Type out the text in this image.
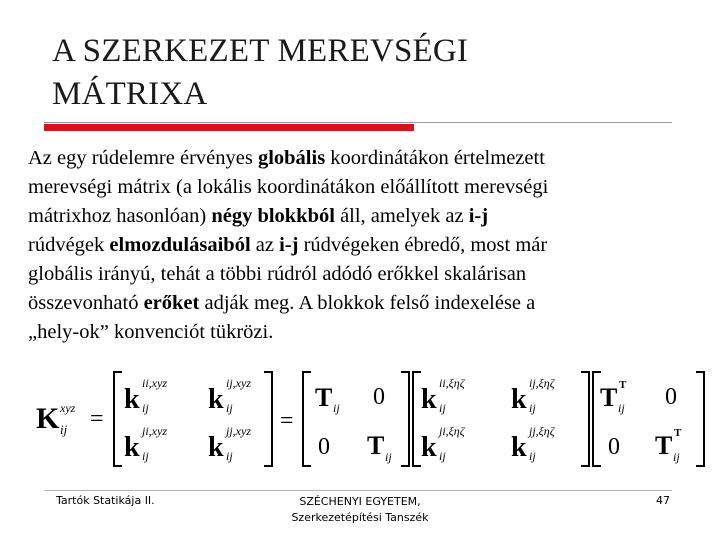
A SZERKEZET MEREVSÉGI
MÁTRIXA
Az egy rúdelemre érvényes globális koordinátákon értelmezett
merevségi mátrix (a lokális koordinátákon előállított merevségi
mátrixhoz hasonlóan) négy blokkból áll, amelyek az i-j
rúdvégek elmozdulásaiból az i-j rúdvégeken ébredő, most már
globális irányú, tehát a többi rúdról adódó erőkkel skalárisan
összevonható erőket adják meg. A blokkok felső indexelése a
„hely-ok” konvenciót tükrözi.
K xyz
ij =
k
ii,xyz
ij k
ij,xyz
ij
k
ji,xyz
ij k
jj,xyz
ij
=
T ij 0
0 T ij
k
ii,ξηζ
ij k
ij,ξηζ
ij
k
ji,ξηζ
ij k
jj,ξηζ
ij
T T
ij 0
0 T T
ij
Tartók Statikája II.	SZÉCHENYI EGYETEM,
Szerkezetépítési Tanszék
47
